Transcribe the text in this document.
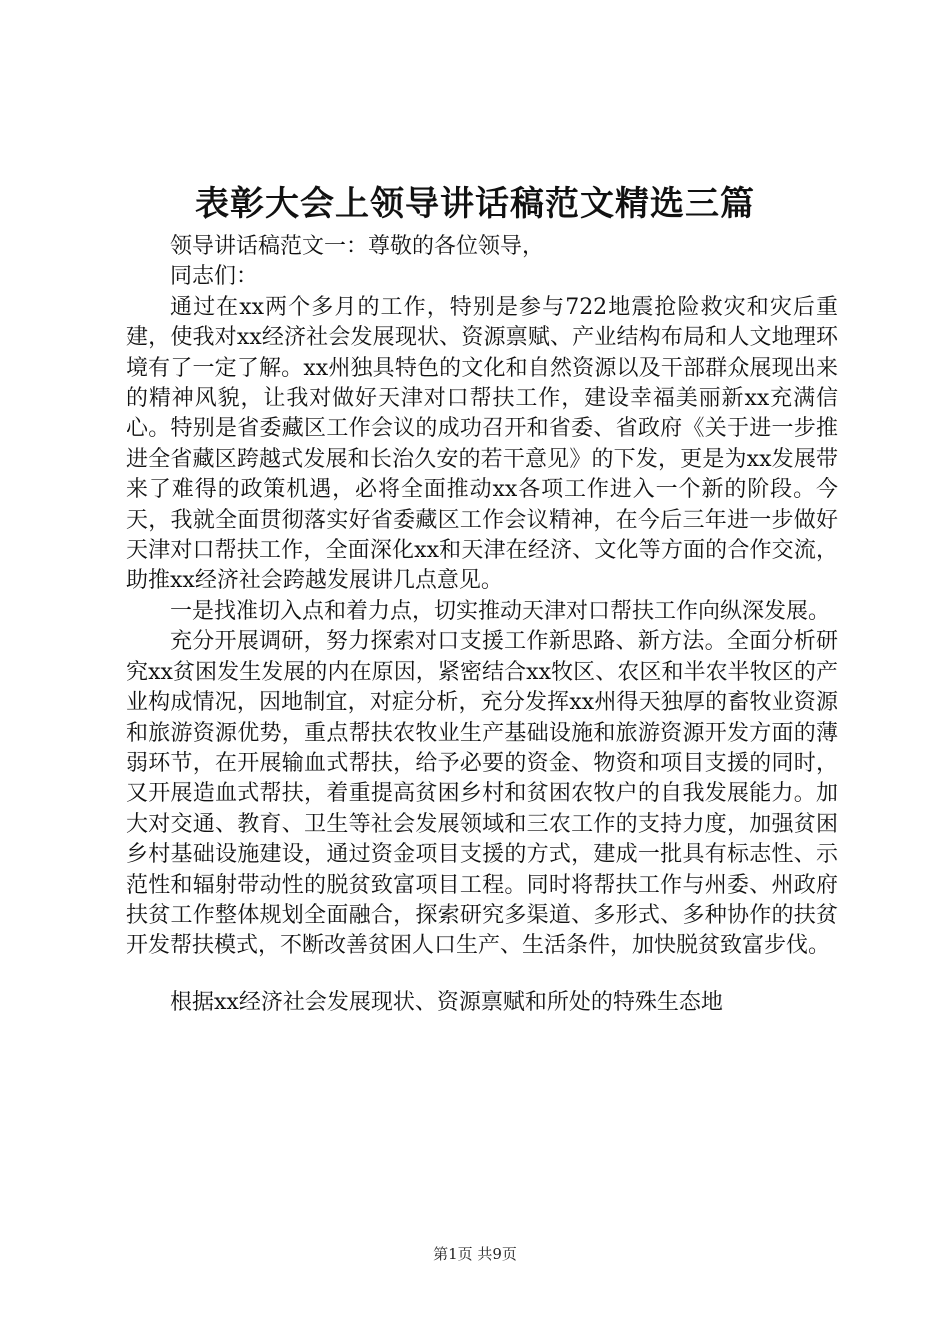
表彰大会上领导讲话稿范文精选三篇

领导讲话稿范文一：尊敬的各位领导，

同志们：

通过在xx两个多月的工作，特别是参与722地震抢险救灾和灾后重建，使我对xx经济社会发展现状、资源禀赋、产业结构布局和人文地理环境有了一定了解。xx州独具特色的文化和自然资源以及干部群众展现出来的精神风貌，让我对做好天津对口帮扶工作，建设幸福美丽新xx充满信心。特别是省委藏区工作会议的成功召开和省委、省政府《关于进一步推进全省藏区跨越式发展和长治久安的若干意见》的下发，更是为xx发展带来了难得的政策机遇，必将全面推动xx各项工作进入一个新的阶段。今天，我就全面贯彻落实好省委藏区工作会议精神，在今后三年进一步做好天津对口帮扶工作，全面深化xx和天津在经济、文化等方面的合作交流，助推xx经济社会跨越发展讲几点意见。

一是找准切入点和着力点，切实推动天津对口帮扶工作向纵深发展。

充分开展调研，努力探索对口支援工作新思路、新方法。全面分析研究xx贫困发生发展的内在原因，紧密结合xx牧区、农区和半农半牧区的产业构成情况，因地制宜，对症分析，充分发挥xx州得天独厚的畜牧业资源和旅游资源优势，重点帮扶农牧业生产基础设施和旅游资源开发方面的薄弱环节，在开展输血式帮扶，给予必要的资金、物资和项目支援的同时，又开展造血式帮扶，着重提高贫困乡村和贫困农牧户的自我发展能力。加大对交通、教育、卫生等社会发展领域和三农工作的支持力度，加强贫困乡村基础设施建设，通过资金项目支援的方式，建成一批具有标志性、示范性和辐射带动性的脱贫致富项目工程。同时将帮扶工作与州委、州政府扶贫工作整体规划全面融合，探索研究多渠道、多形式、多种协作的扶贫开发帮扶模式，不断改善贫困人口生产、生活条件，加快脱贫致富步伐。

根据xx经济社会发展现状、资源禀赋和所处的特殊生态地

第1页 共9页
